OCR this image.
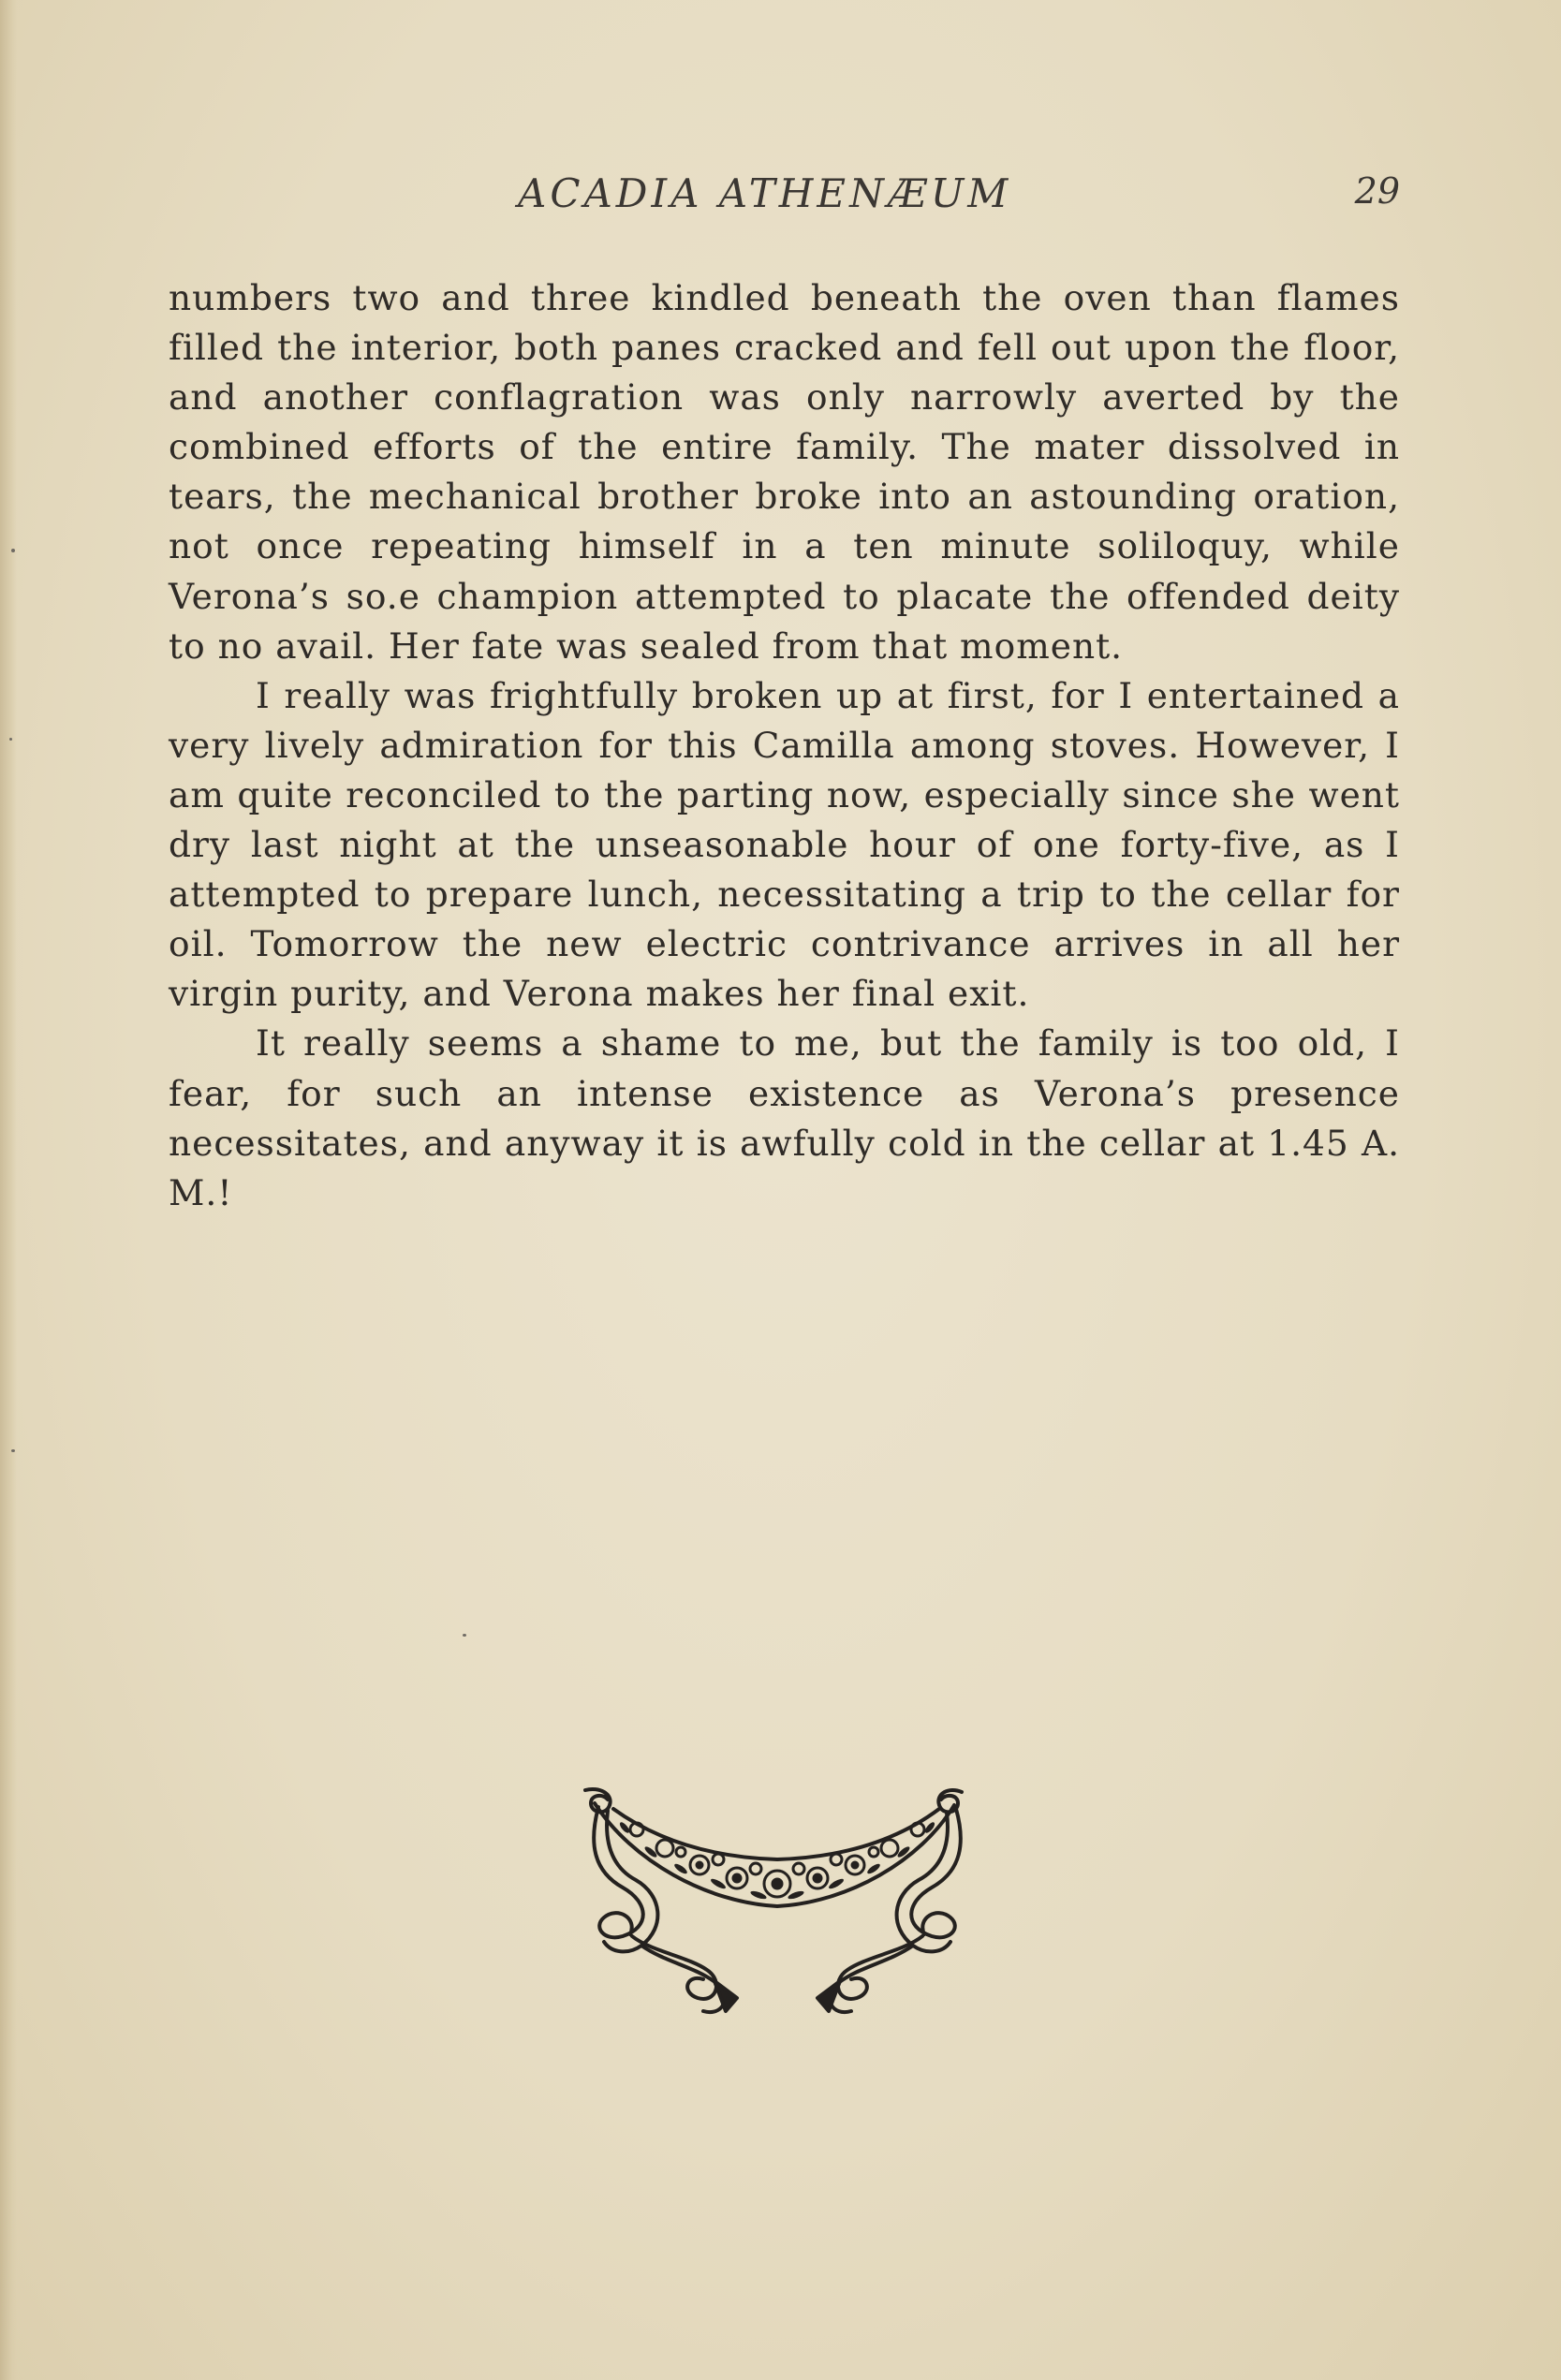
ACADIA ATHENÆUM	29

numbers two and three kindled beneath the oven than flames filled the interior, both panes cracked and fell out upon the floor, and another conflagration was only narrowly averted by the combined efforts of the entire family. The mater dissolved in tears, the mechanical brother broke into an astounding oration, not once repeating himself in a ten minute soliloquy, while Verona’s so.e champion attempted to placate the offended deity to no avail. Her fate was sealed from that moment.

I really was frightfully broken up at first, for I entertained a very lively admiration for this Camilla among stoves. However, I am quite reconciled to the parting now, especially since she went dry last night at the unseasonable hour of one forty-five, as I attempted to prepare lunch, necessitating a trip to the cellar for oil. Tomorrow the new electric contrivance arrives in all her virgin purity, and Verona makes her final exit.

It really seems a shame to me, but the family is too old, I fear, for such an intense existence as Verona’s presence necessitates, and anyway it is awfully cold in the cellar at 1.45 A. M.!
